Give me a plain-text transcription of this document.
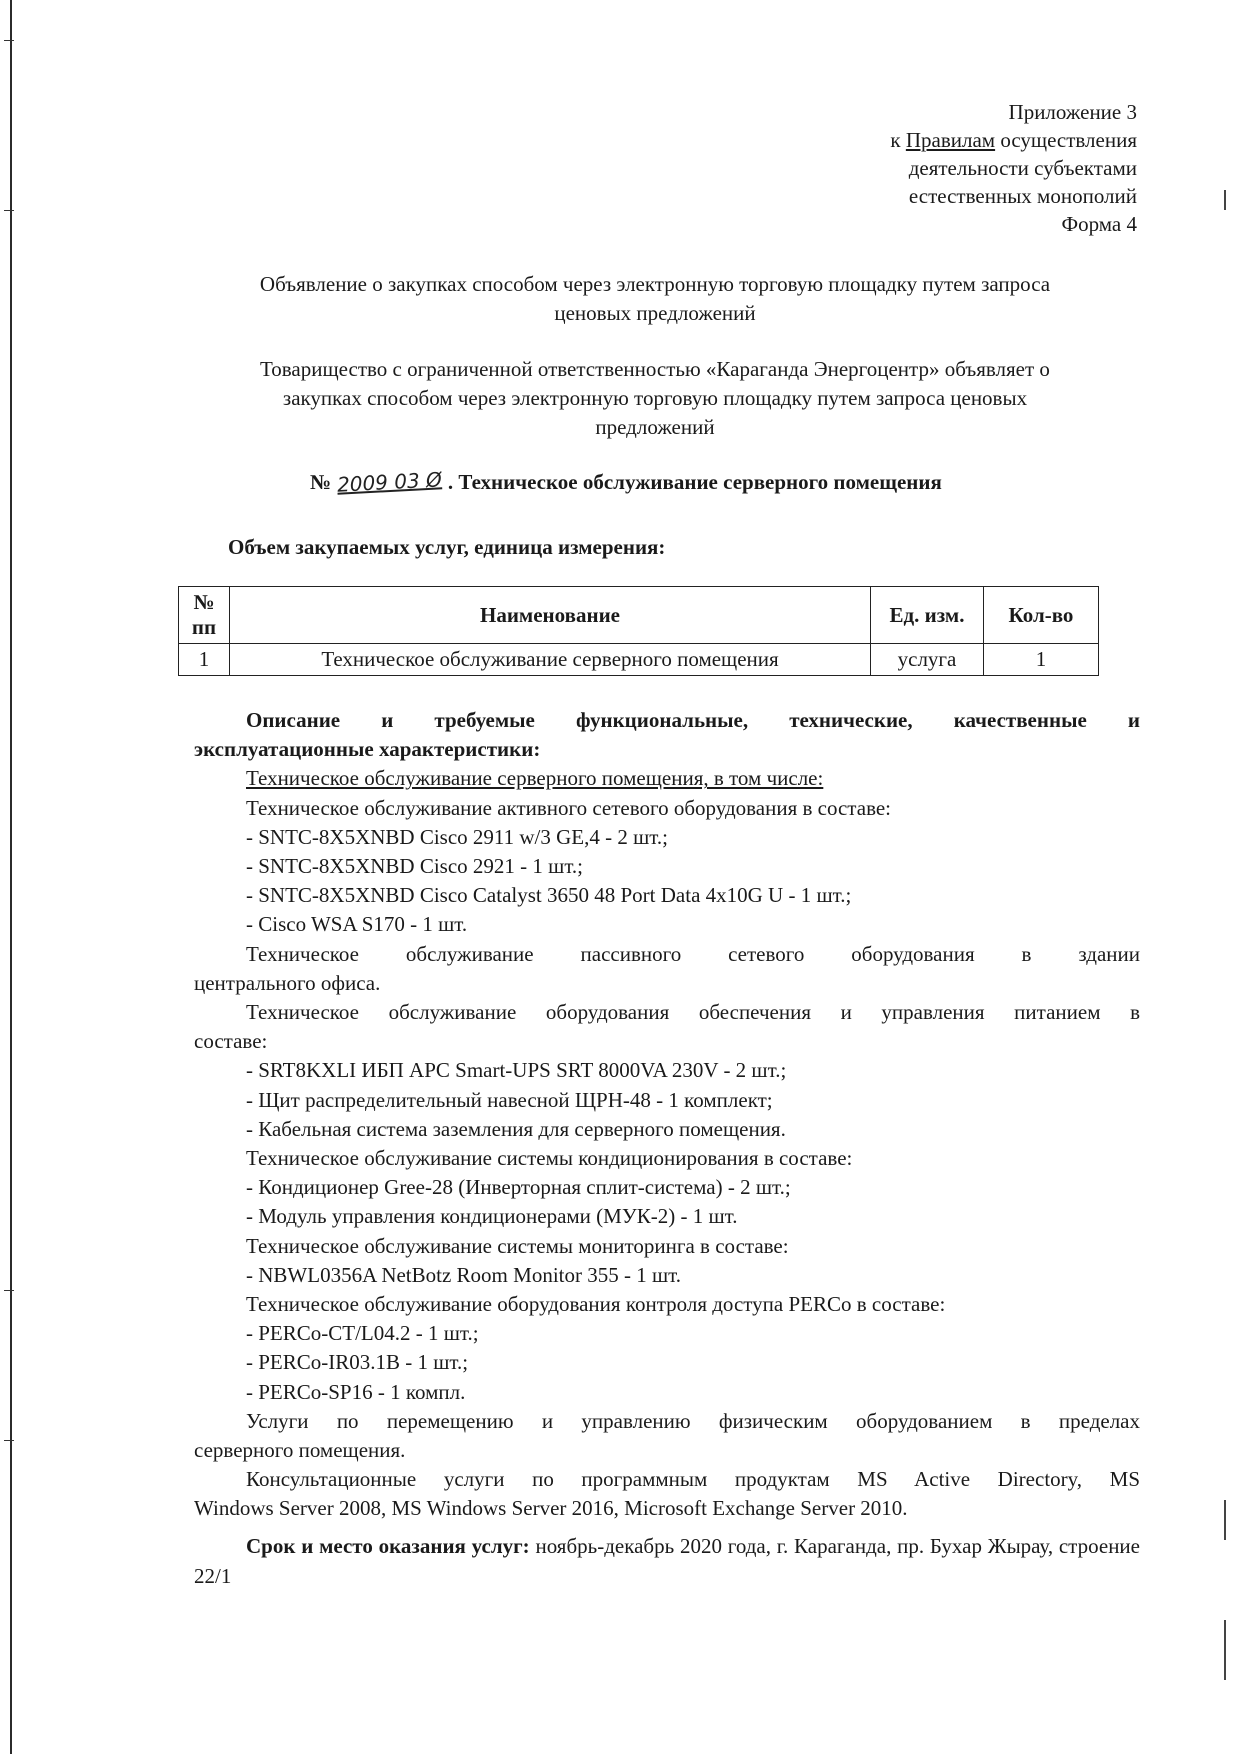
Приложение 3
к Правилам осуществления
деятельности субъектами
естественных монополий
Форма 4
Объявление о закупках способом через электронную торговую площадку путем запроса
ценовых предложений
Товарищество с ограниченной ответственностью «Караганда Энергоцентр» объявляет о
закупках способом через электронную торговую площадку путем запроса ценовых
предложений
№ 2009 03 Ø . Техническое обслуживание серверного помещения
Объем закупаемых услуг, единица измерения:
№
пп	Наименование	Ед. изм.	Кол-во
1	Техническое обслуживание серверного помещения	услуга	1

Описание и требуемые функциональные, технические, качественные и

эксплуатационные характеристики:

Техническое обслуживание серверного помещения, в том числе:

Техническое обслуживание активного сетевого оборудования в составе:

- SNTC-8X5XNBD Cisco 2911 w/3 GE,4 - 2 шт.;

- SNTC-8X5XNBD Cisco 2921 - 1 шт.;

- SNTC-8X5XNBD Cisco Catalyst 3650 48 Port Data 4x10G U - 1 шт.;

- Cisco WSA S170 - 1 шт.

Техническое обслуживание пассивного сетевого оборудования в здании

центрального офиса.

Техническое обслуживание оборудования обеспечения и управления питанием в

составе:

- SRT8KXLI ИБП APC Smart-UPS SRT 8000VA 230V - 2 шт.;

- Щит распределительный навесной ЩРН-48 - 1 комплект;

- Кабельная система заземления для серверного помещения.

Техническое обслуживание системы кондиционирования в составе:

- Кондиционер Gree-28 (Инверторная сплит-система) - 2 шт.;

- Модуль управления кондиционерами (МУК-2) - 1 шт.

Техническое обслуживание системы мониторинга в составе:

- NBWL0356A NetBotz Room Monitor 355 - 1 шт.

Техническое обслуживание оборудования контроля доступа PERCo в составе:

- PERCo-CT/L04.2 - 1 шт.;

- PERCo-IR03.1B - 1 шт.;

- PERCo-SP16 - 1 компл.

Услуги по перемещению и управлению физическим оборудованием в пределах

серверного помещения.

Консультационные услуги по программным продуктам MS Active Directory, MS

Windows Server 2008, MS Windows Server 2016, Microsoft Exchange Server 2010.

Срок и место оказания услуг: ноябрь-декабрь 2020 года, г. Караганда, пр. Бухар Жырау, строение 22/1
